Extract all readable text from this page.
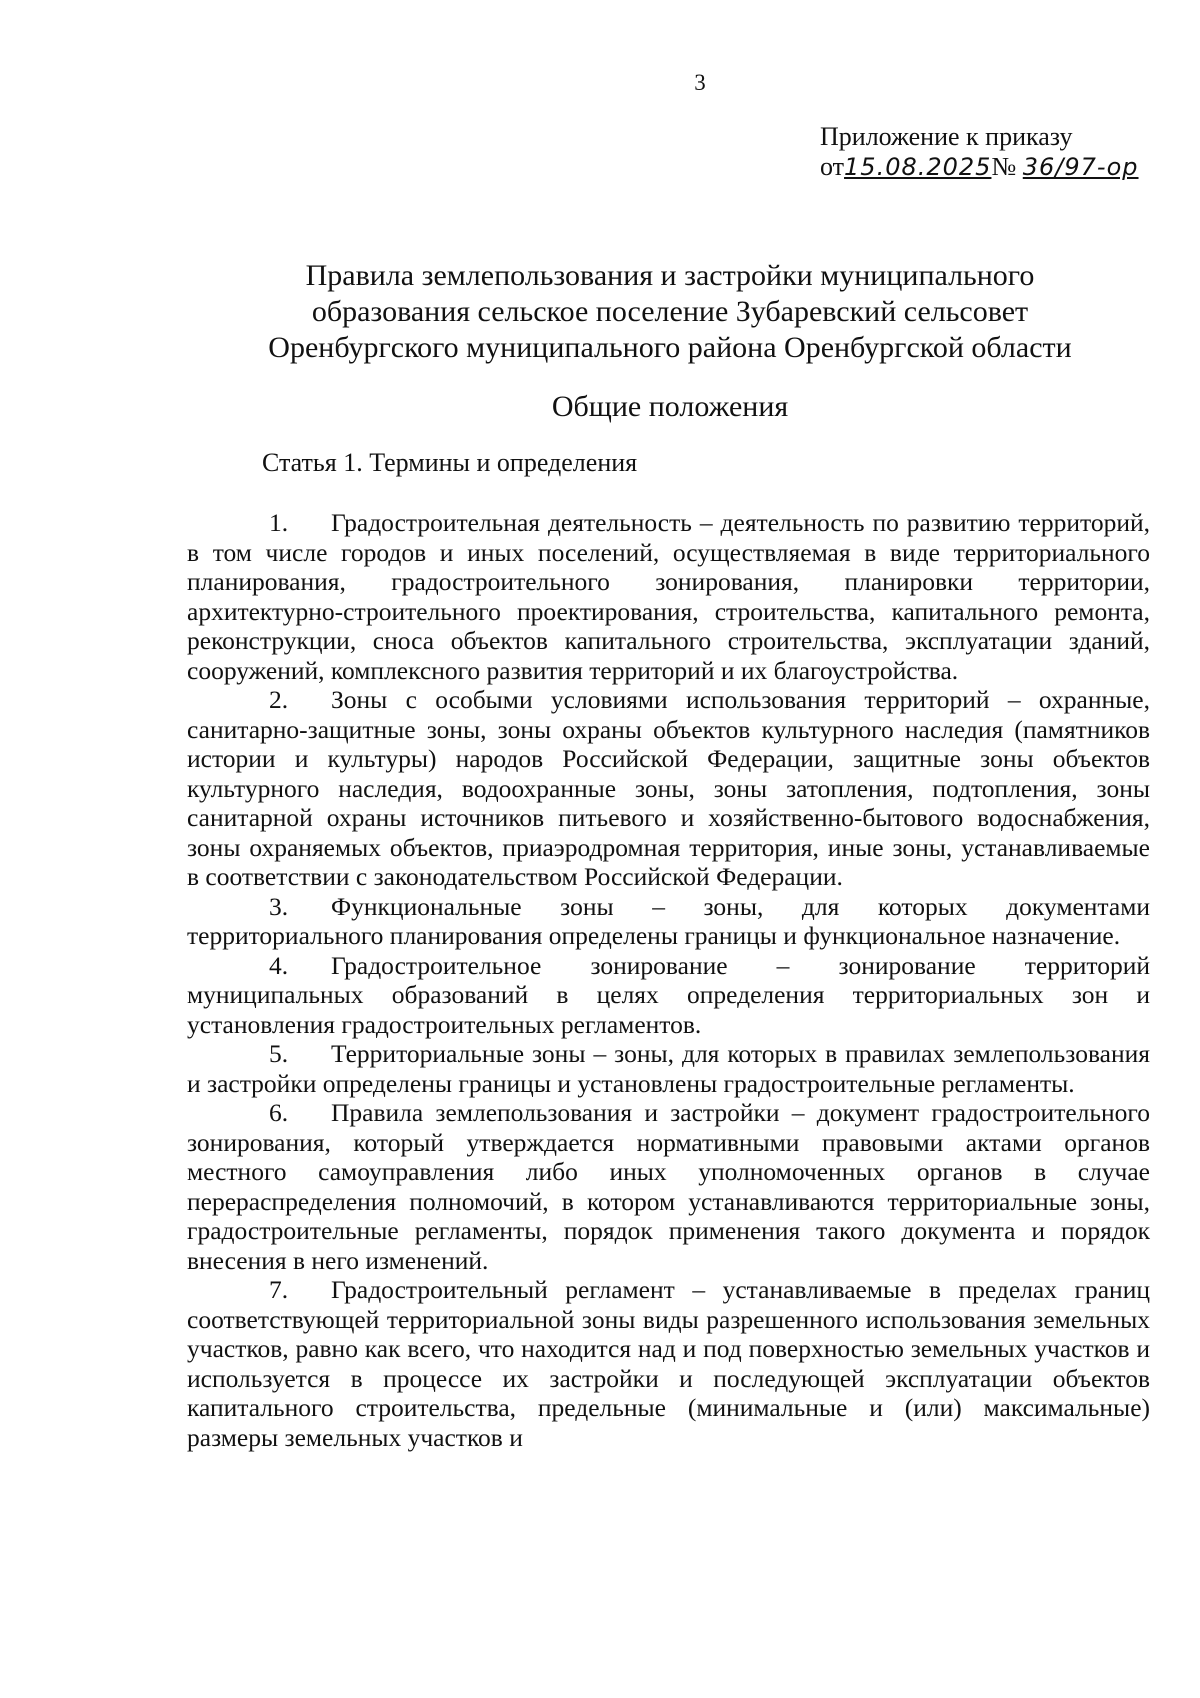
3
Приложение к приказу
от15.08.2025№ 36/97-ор
Правила землепользования и застройки муниципального
образования сельское поселение Зубаревский сельсовет
Оренбургского муниципального района Оренбургской области
Общие положения
Статья 1. Термины и определения

1. Градостроительная деятельность – деятельность по развитию территорий, в том числе городов и иных поселений, осуществляемая в виде территориального планирования, градостроительного зонирования, планировки территории, архитектурно-строительного проектирования, строительства, капитального ремонта, реконструкции, сноса объектов капитального строительства, эксплуатации зданий, сооружений, комплексного развития территорий и их благоустройства.

2. Зоны с особыми условиями использования территорий – охранные, санитарно-защитные зоны, зоны охраны объектов культурного наследия (памятников истории и культуры) народов Российской Федерации, защитные зоны объектов культурного наследия, водоохранные зоны, зоны затопления, подтопления, зоны санитарной охраны источников питьевого и хозяйственно-бытового водоснабжения, зоны охраняемых объектов, приаэродромная территория, иные зоны, устанавливаемые в соответствии с законодательством Российской Федерации.

3. Функциональные зоны – зоны, для которых документами территориального планирования определены границы и функциональное назначение.

4. Градостроительное зонирование – зонирование территорий муниципальных образований в целях определения территориальных зон и установления градостроительных регламентов.

5. Территориальные зоны – зоны, для которых в правилах землепользования и застройки определены границы и установлены градостроительные регламенты.

6. Правила землепользования и застройки – документ градостроительного зонирования, который утверждается нормативными правовыми актами органов местного самоуправления либо иных уполномоченных органов в случае перераспределения полномочий, в котором устанавливаются территориальные зоны, градостроительные регламенты, порядок применения такого документа и порядок внесения в него изменений.

7. Градостроительный регламент – устанавливаемые в пределах границ соответствующей территориальной зоны виды разрешенного использования земельных участков, равно как всего, что находится над и под поверхностью земельных участков и используется в процессе их застройки и последующей эксплуатации объектов капитального строительства, предельные (минимальные и (или) максимальные) размеры земельных участков и
